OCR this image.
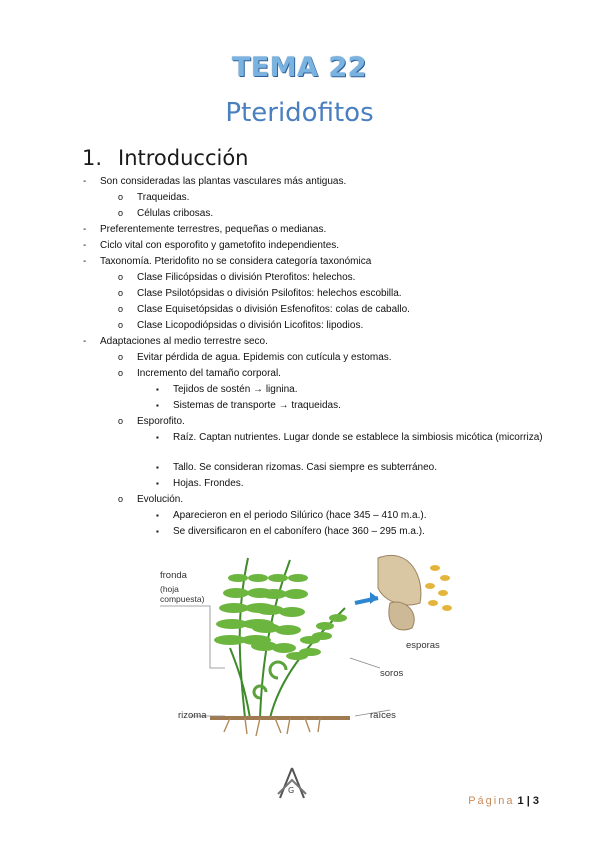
TEMA 22
Pteridofitos
1. Introducción
- Son consideradas las plantas vasculares más antiguas.
o Traqueidas.
o Células cribosas.
- Preferentemente terrestres, pequeñas o medianas.
- Ciclo vital con esporofito y gametofito independientes.
- Taxonomía. Pteridofito no se considera categoría taxonómica
o Clase Filicópsidas o división Pterofitos: helechos.
o Clase Psilotópsidas o división Psilofitos: helechos escobilla.
o Clase Equisetópsidas o división Esfenofitos: colas de caballo.
o Clase Licopodiópsidas o división Licofitos: lipodios.
- Adaptaciones al medio terrestre seco.
o Evitar pérdida de agua. Epidemis con cutícula y estomas.
o Incremento del tamaño corporal.
▪ Tejidos de sostén → lignina.
▪ Sistemas de transporte → traqueidas.
o Esporofito.
▪ Raíz. Captan nutrientes. Lugar donde se establece la simbiosis micótica (micorriza)
▪ Tallo. Se consideran rizomas. Casi siempre es subterráneo.
▪ Hojas. Frondes.
o Evolución.
▪ Aparecieron en el periodo Silúrico (hace 345 – 410 m.a.).
▪ Se diversificaron en el cabonífero (hace 360 – 295 m.a.).
fronda
(hoja
compuesta)
esporas
soros
rizoma	raíces
G
Página 1 | 3
